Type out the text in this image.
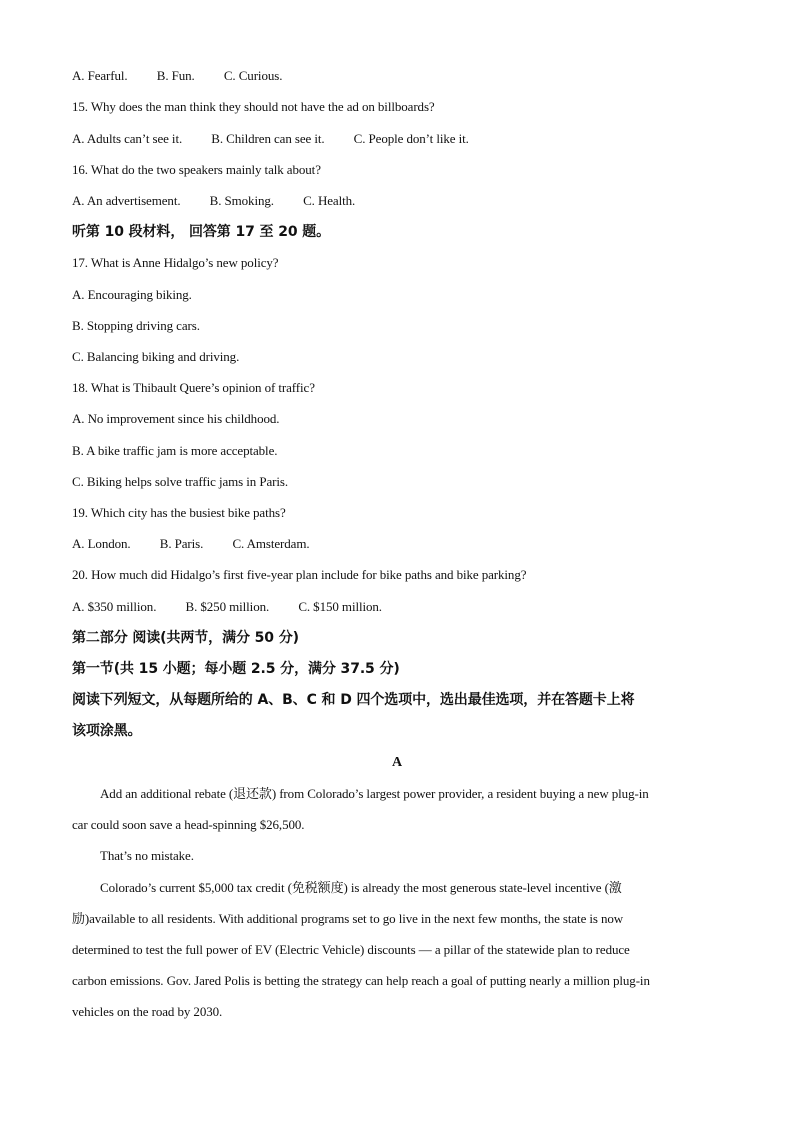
A. Fearful. B. Fun. C. Curious.
15. Why does the man think they should not have the ad on billboards?
A. Adults can’t see it. B. Children can see it. C. People don’t like it.
16. What do the two speakers mainly talk about?
A. An advertisement. B. Smoking. C. Health.
听第 10 段材料， 回答第 17 至 20 题。
17. What is Anne Hidalgo’s new policy?
A. Encouraging biking.
B. Stopping driving cars.
C. Balancing biking and driving.
18. What is Thibault Quere’s opinion of traffic?
A. No improvement since his childhood.
B. A bike traffic jam is more acceptable.
C. Biking helps solve traffic jams in Paris.
19. Which city has the busiest bike paths?
A. London. B. Paris. C. Amsterdam.
20. How much did Hidalgo’s first five-year plan include for bike paths and bike parking?
A. $350 million. B. $250 million. C. $150 million.
第二部分 阅读(共两节，满分 50 分)
第一节(共 15 小题；每小题 2.5 分，满分 37.5 分)
阅读下列短文，从每题所给的 A、B、C 和 D 四个选项中，选出最佳选项，并在答题卡上将
该项涂黑。
A
Add an additional rebate (退还款) from Colorado’s largest power provider, a resident buying a new plug-in
car could soon save a head-spinning $26,500.
That’s no mistake.
Colorado’s current $5,000 tax credit (免税额度) is already the most generous state-level incentive (激
励)available to all residents. With additional programs set to go live in the next few months, the state is now
determined to test the full power of EV (Electric Vehicle) discounts — a pillar of the statewide plan to reduce
carbon emissions. Gov. Jared Polis is betting the strategy can help reach a goal of putting nearly a million plug-in
vehicles on the road by 2030.
